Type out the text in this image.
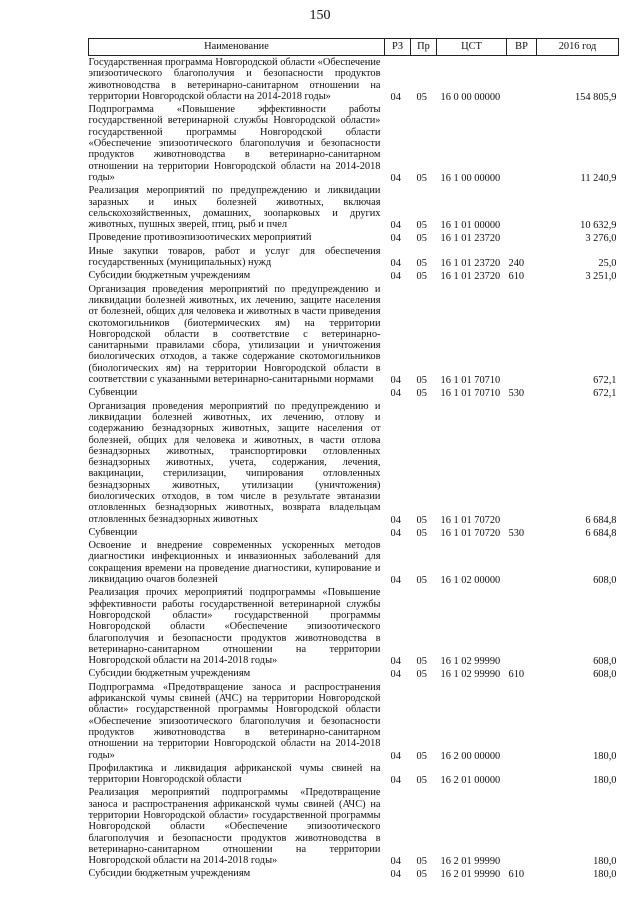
150
Наименование	РЗ	Пр	ЦСТ	ВР	2016 год
Государственная программа Новгородской области «Обеспечение эпизоотического благополучия и безопасности продуктов животноводства в ветеринарно-санитарном отношении на территории Новгородской области на 2014-2018 годы»	04	05	16 0 00 00000		154 805,9
Подпрограмма «Повышение эффективности работы государственной ветеринарной службы Новгородской области» государственной программы Новгородской области «Обеспечение эпизоотического благополучия и безопасности продуктов животноводства в ветеринарно-санитарном отношении на территории Новгородской области на 2014-2018 годы»	04	05	16 1 00 00000		11 240,9
Реализация мероприятий по предупреждению и ликвидации заразных и иных болезней животных, включая сельскохозяйственных, домашних, зоопарковых и других животных, пушных зверей, птиц, рыб и пчел	04	05	16 1 01 00000		10 632,9
Проведение противоэпизоотических мероприятий	04	05	16 1 01 23720		3 276,0
Иные закупки товаров, работ и услуг для обеспечения государственных (муниципальных) нужд	04	05	16 1 01 23720	240	25,0
Субсидии бюджетным учреждениям	04	05	16 1 01 23720	610	3 251,0
Организация проведения мероприятий по предупреждению и ликвидации болезней животных, их лечению, защите населения от болезней, общих для человека и животных в части приведения скотомогильников (биотермических ям) на территории Новгородской области в соответствие с ветеринарно-санитарными правилами сбора, утилизации и уничтожения биологических отходов, а также содержание скотомогильников (биологических ям) на территории Новгородской области в соответствии с указанными ветеринарно-санитарными нормами	04	05	16 1 01 70710		672,1
Субвенции	04	05	16 1 01 70710	530	672,1
Организация проведения мероприятий по предупреждению и ликвидации болезней животных, их лечению, отлову и содержанию безнадзорных животных, защите населения от болезней, общих для человека и животных, в части отлова безнадзорных животных, транспортировки отловленных безнадзорных животных, учета, содержания, лечения, вакцинации, стерилизации, чипирования отловленных безнадзорных животных, утилизации (уничтожения) биологических отходов, в том числе в результате эвтаназии отловленных безнадзорных животных, возврата владельцам отловленных безнадзорных животных	04	05	16 1 01 70720		6 684,8
Субвенции	04	05	16 1 01 70720	530	6 684,8
Освоение и внедрение современных ускоренных методов диагностики инфекционных и инвазионных заболеваний для сокращения времени на проведение диагностики, купирование и ликвидацию очагов болезней	04	05	16 1 02 00000		608,0
Реализация прочих мероприятий подпрограммы «Повышение эффективности работы государственной ветеринарной службы Новгородской области» государственной программы Новгородской области «Обеспечение эпизоотического благополучия и безопасности продуктов животноводства в ветеринарно-санитарном отношении на территории Новгородской области на 2014-2018 годы»	04	05	16 1 02 99990		608,0
Субсидии бюджетным учреждениям	04	05	16 1 02 99990	610	608,0
Подпрограмма «Предотвращение заноса и распространения африканской чумы свиней (АЧС) на территории Новгородской области» государственной программы Новгородской области «Обеспечение эпизоотического благополучия и безопасности продуктов животноводства в ветеринарно-санитарном отношении на территории Новгородской области на 2014-2018 годы»	04	05	16 2 00 00000		180,0
Профилактика и ликвидация африканской чумы свиней на территории Новгородской области	04	05	16 2 01 00000		180,0
Реализация мероприятий подпрограммы «Предотвращение заноса и распространения африканской чумы свиней (АЧС) на территории Новгородской области» государственной программы Новгородской области «Обеспечение эпизоотического благополучия и безопасности продуктов животноводства в ветеринарно-санитарном отношении на территории Новгородской области на 2014-2018 годы»	04	05	16 2 01 99990		180,0
Субсидии бюджетным учреждениям	04	05	16 2 01 99990	610	180,0
